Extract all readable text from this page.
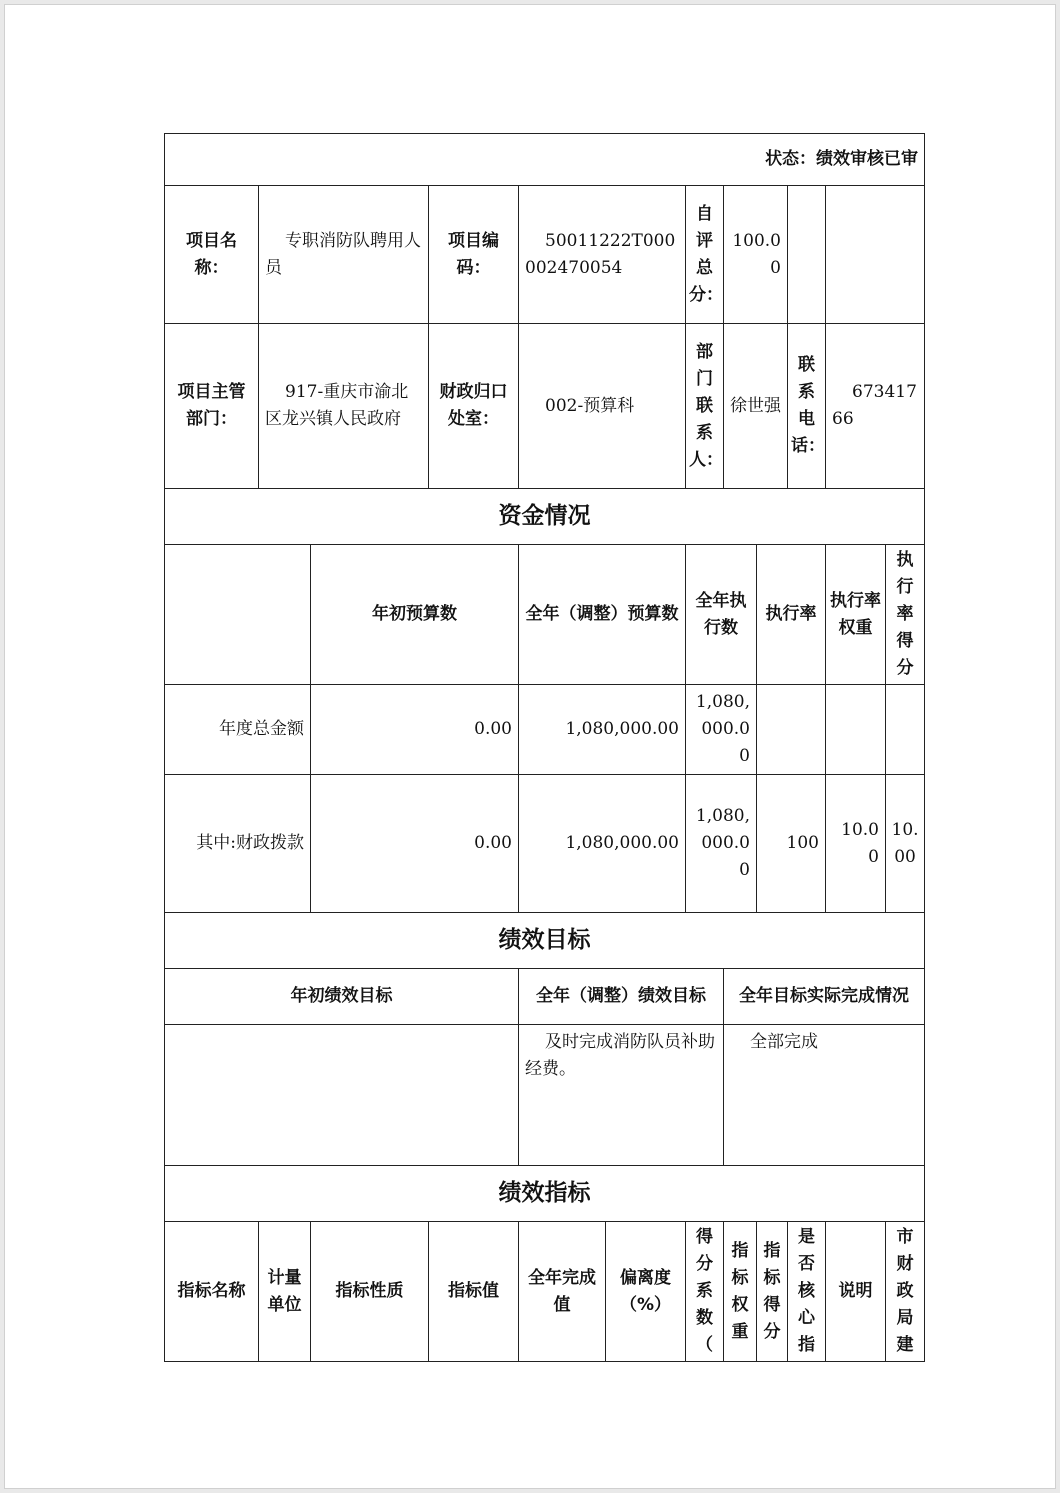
状态：绩效审核已审											
项目名称：	专职消防队聘用人员		项目编码：	50011222T000002470054		自评总分：	100.00				
项目主管部门：	917-重庆市渝北区龙兴镇人民政府		财政归口处室：	002-预算科		部门联系人：	徐世强		联系电话：	67341766	
资金情况											
		年初预算数		全年（调整）预算数		全年执行数		执行率		执行率权重	执行率得分
年度总金额		0.00		1,080,000.00		1,080,000.00					
其中:财政拨款		0.00		1,080,000.00		1,080,000.00		100		10.00	10.00
绩效目标											
年初绩效目标				全年（调整）绩效目标			全年目标实际完成情况				
				及时完成消防队员补助经费。			全部完成				
绩效指标											
指标名称	计量单位	指标性质	指标值	全年完成值	偏离度（%）	得分系数（	指标权重	指标得分	是否核心指	说明	市财政局建
